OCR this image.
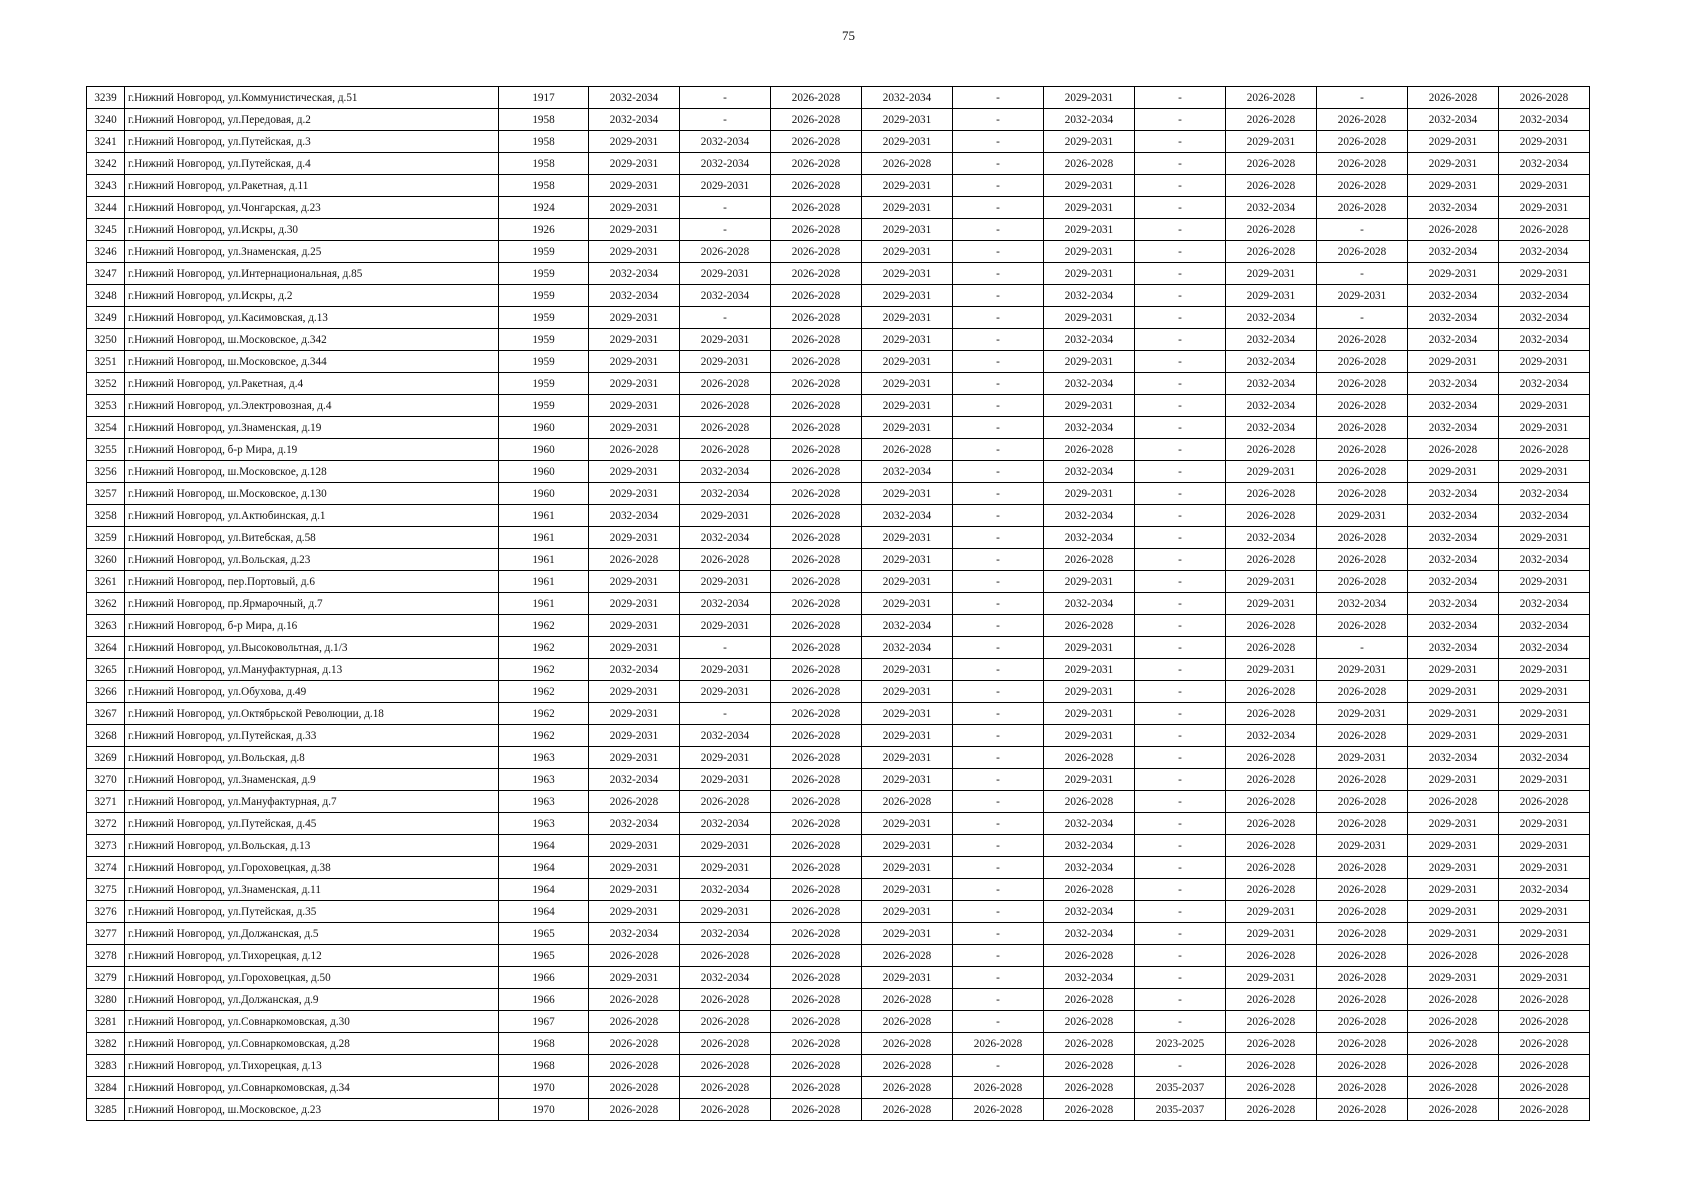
75
3239	г.Нижний Новгород, ул.Коммунистическая, д.51	1917	2032-2034	-	2026-2028	2032-2034	-	2029-2031	-	2026-2028	-	2026-2028	2026-2028
3240	г.Нижний Новгород, ул.Передовая, д.2	1958	2032-2034	-	2026-2028	2029-2031	-	2032-2034	-	2026-2028	2026-2028	2032-2034	2032-2034
3241	г.Нижний Новгород, ул.Путейская, д.3	1958	2029-2031	2032-2034	2026-2028	2029-2031	-	2029-2031	-	2029-2031	2026-2028	2029-2031	2029-2031
3242	г.Нижний Новгород, ул.Путейская, д.4	1958	2029-2031	2032-2034	2026-2028	2026-2028	-	2026-2028	-	2026-2028	2026-2028	2029-2031	2032-2034
3243	г.Нижний Новгород, ул.Ракетная, д.11	1958	2029-2031	2029-2031	2026-2028	2029-2031	-	2029-2031	-	2026-2028	2026-2028	2029-2031	2029-2031
3244	г.Нижний Новгород, ул.Чонгарская, д.23	1924	2029-2031	-	2026-2028	2029-2031	-	2029-2031	-	2032-2034	2026-2028	2032-2034	2029-2031
3245	г.Нижний Новгород, ул.Искры, д.30	1926	2029-2031	-	2026-2028	2029-2031	-	2029-2031	-	2026-2028	-	2026-2028	2026-2028
3246	г.Нижний Новгород, ул.Знаменская, д.25	1959	2029-2031	2026-2028	2026-2028	2029-2031	-	2029-2031	-	2026-2028	2026-2028	2032-2034	2032-2034
3247	г.Нижний Новгород, ул.Интернациональная, д.85	1959	2032-2034	2029-2031	2026-2028	2029-2031	-	2029-2031	-	2029-2031	-	2029-2031	2029-2031
3248	г.Нижний Новгород, ул.Искры, д.2	1959	2032-2034	2032-2034	2026-2028	2029-2031	-	2032-2034	-	2029-2031	2029-2031	2032-2034	2032-2034
3249	г.Нижний Новгород, ул.Касимовская, д.13	1959	2029-2031	-	2026-2028	2029-2031	-	2029-2031	-	2032-2034	-	2032-2034	2032-2034
3250	г.Нижний Новгород, ш.Московское, д.342	1959	2029-2031	2029-2031	2026-2028	2029-2031	-	2032-2034	-	2032-2034	2026-2028	2032-2034	2032-2034
3251	г.Нижний Новгород, ш.Московское, д.344	1959	2029-2031	2029-2031	2026-2028	2029-2031	-	2029-2031	-	2032-2034	2026-2028	2029-2031	2029-2031
3252	г.Нижний Новгород, ул.Ракетная, д.4	1959	2029-2031	2026-2028	2026-2028	2029-2031	-	2032-2034	-	2032-2034	2026-2028	2032-2034	2032-2034
3253	г.Нижний Новгород, ул.Электровозная, д.4	1959	2029-2031	2026-2028	2026-2028	2029-2031	-	2029-2031	-	2032-2034	2026-2028	2032-2034	2029-2031
3254	г.Нижний Новгород, ул.Знаменская, д.19	1960	2029-2031	2026-2028	2026-2028	2029-2031	-	2032-2034	-	2032-2034	2026-2028	2032-2034	2029-2031
3255	г.Нижний Новгород, б-р Мира, д.19	1960	2026-2028	2026-2028	2026-2028	2026-2028	-	2026-2028	-	2026-2028	2026-2028	2026-2028	2026-2028
3256	г.Нижний Новгород, ш.Московское, д.128	1960	2029-2031	2032-2034	2026-2028	2032-2034	-	2032-2034	-	2029-2031	2026-2028	2029-2031	2029-2031
3257	г.Нижний Новгород, ш.Московское, д.130	1960	2029-2031	2032-2034	2026-2028	2029-2031	-	2029-2031	-	2026-2028	2026-2028	2032-2034	2032-2034
3258	г.Нижний Новгород, ул.Актюбинская, д.1	1961	2032-2034	2029-2031	2026-2028	2032-2034	-	2032-2034	-	2026-2028	2029-2031	2032-2034	2032-2034
3259	г.Нижний Новгород, ул.Витебская, д.58	1961	2029-2031	2032-2034	2026-2028	2029-2031	-	2032-2034	-	2032-2034	2026-2028	2032-2034	2029-2031
3260	г.Нижний Новгород, ул.Вольская, д.23	1961	2026-2028	2026-2028	2026-2028	2029-2031	-	2026-2028	-	2026-2028	2026-2028	2032-2034	2032-2034
3261	г.Нижний Новгород, пер.Портовый, д.6	1961	2029-2031	2029-2031	2026-2028	2029-2031	-	2029-2031	-	2029-2031	2026-2028	2032-2034	2029-2031
3262	г.Нижний Новгород, пр.Ярмарочный, д.7	1961	2029-2031	2032-2034	2026-2028	2029-2031	-	2032-2034	-	2029-2031	2032-2034	2032-2034	2032-2034
3263	г.Нижний Новгород, б-р Мира, д.16	1962	2029-2031	2029-2031	2026-2028	2032-2034	-	2026-2028	-	2026-2028	2026-2028	2032-2034	2032-2034
3264	г.Нижний Новгород, ул.Высоковольтная, д.1/3	1962	2029-2031	-	2026-2028	2032-2034	-	2029-2031	-	2026-2028	-	2032-2034	2032-2034
3265	г.Нижний Новгород, ул.Мануфактурная, д.13	1962	2032-2034	2029-2031	2026-2028	2029-2031	-	2029-2031	-	2029-2031	2029-2031	2029-2031	2029-2031
3266	г.Нижний Новгород, ул.Обухова, д.49	1962	2029-2031	2029-2031	2026-2028	2029-2031	-	2029-2031	-	2026-2028	2026-2028	2029-2031	2029-2031
3267	г.Нижний Новгород, ул.Октябрьской Революции, д.18	1962	2029-2031	-	2026-2028	2029-2031	-	2029-2031	-	2026-2028	2029-2031	2029-2031	2029-2031
3268	г.Нижний Новгород, ул.Путейская, д.33	1962	2029-2031	2032-2034	2026-2028	2029-2031	-	2029-2031	-	2032-2034	2026-2028	2029-2031	2029-2031
3269	г.Нижний Новгород, ул.Вольская, д.8	1963	2029-2031	2029-2031	2026-2028	2029-2031	-	2026-2028	-	2026-2028	2029-2031	2032-2034	2032-2034
3270	г.Нижний Новгород, ул.Знаменская, д.9	1963	2032-2034	2029-2031	2026-2028	2029-2031	-	2029-2031	-	2026-2028	2026-2028	2029-2031	2029-2031
3271	г.Нижний Новгород, ул.Мануфактурная, д.7	1963	2026-2028	2026-2028	2026-2028	2026-2028	-	2026-2028	-	2026-2028	2026-2028	2026-2028	2026-2028
3272	г.Нижний Новгород, ул.Путейская, д.45	1963	2032-2034	2032-2034	2026-2028	2029-2031	-	2032-2034	-	2026-2028	2026-2028	2029-2031	2029-2031
3273	г.Нижний Новгород, ул.Вольская, д.13	1964	2029-2031	2029-2031	2026-2028	2029-2031	-	2032-2034	-	2026-2028	2029-2031	2029-2031	2029-2031
3274	г.Нижний Новгород, ул.Гороховецкая, д.38	1964	2029-2031	2029-2031	2026-2028	2029-2031	-	2032-2034	-	2026-2028	2026-2028	2029-2031	2029-2031
3275	г.Нижний Новгород, ул.Знаменская, д.11	1964	2029-2031	2032-2034	2026-2028	2029-2031	-	2026-2028	-	2026-2028	2026-2028	2029-2031	2032-2034
3276	г.Нижний Новгород, ул.Путейская, д.35	1964	2029-2031	2029-2031	2026-2028	2029-2031	-	2032-2034	-	2029-2031	2026-2028	2029-2031	2029-2031
3277	г.Нижний Новгород, ул.Должанская, д.5	1965	2032-2034	2032-2034	2026-2028	2029-2031	-	2032-2034	-	2029-2031	2026-2028	2029-2031	2029-2031
3278	г.Нижний Новгород, ул.Тихорецкая, д.12	1965	2026-2028	2026-2028	2026-2028	2026-2028	-	2026-2028	-	2026-2028	2026-2028	2026-2028	2026-2028
3279	г.Нижний Новгород, ул.Гороховецкая, д.50	1966	2029-2031	2032-2034	2026-2028	2029-2031	-	2032-2034	-	2029-2031	2026-2028	2029-2031	2029-2031
3280	г.Нижний Новгород, ул.Должанская, д.9	1966	2026-2028	2026-2028	2026-2028	2026-2028	-	2026-2028	-	2026-2028	2026-2028	2026-2028	2026-2028
3281	г.Нижний Новгород, ул.Совнаркомовская, д.30	1967	2026-2028	2026-2028	2026-2028	2026-2028	-	2026-2028	-	2026-2028	2026-2028	2026-2028	2026-2028
3282	г.Нижний Новгород, ул.Совнаркомовская, д.28	1968	2026-2028	2026-2028	2026-2028	2026-2028	2026-2028	2026-2028	2023-2025	2026-2028	2026-2028	2026-2028	2026-2028
3283	г.Нижний Новгород, ул.Тихорецкая, д.13	1968	2026-2028	2026-2028	2026-2028	2026-2028	-	2026-2028	-	2026-2028	2026-2028	2026-2028	2026-2028
3284	г.Нижний Новгород, ул.Совнаркомовская, д.34	1970	2026-2028	2026-2028	2026-2028	2026-2028	2026-2028	2026-2028	2035-2037	2026-2028	2026-2028	2026-2028	2026-2028
3285	г.Нижний Новгород, ш.Московское, д.23	1970	2026-2028	2026-2028	2026-2028	2026-2028	2026-2028	2026-2028	2035-2037	2026-2028	2026-2028	2026-2028	2026-2028
